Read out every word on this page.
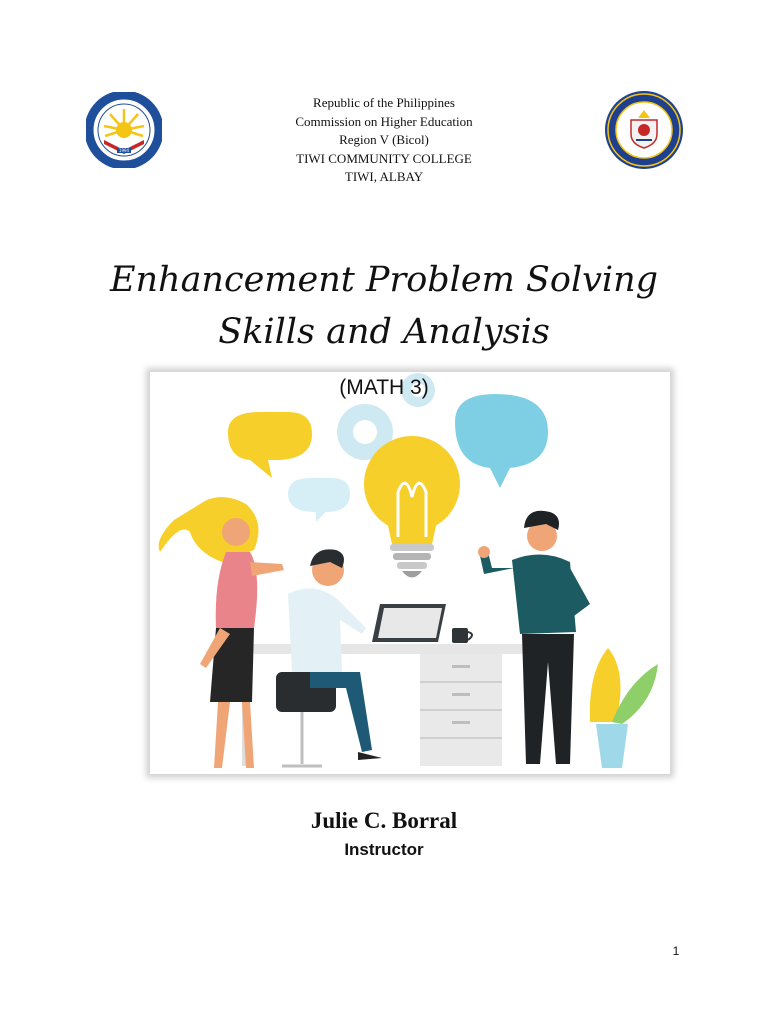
1994
Republic of the Philippines
Commission on Higher Education
Region V (Bicol)
TIWI COMMUNITY COLLEGE
TIWI, ALBAY
Enhancement Problem Solving
Skills and Analysis
(MATH 3)
Julie C. Borral
Instructor
1
